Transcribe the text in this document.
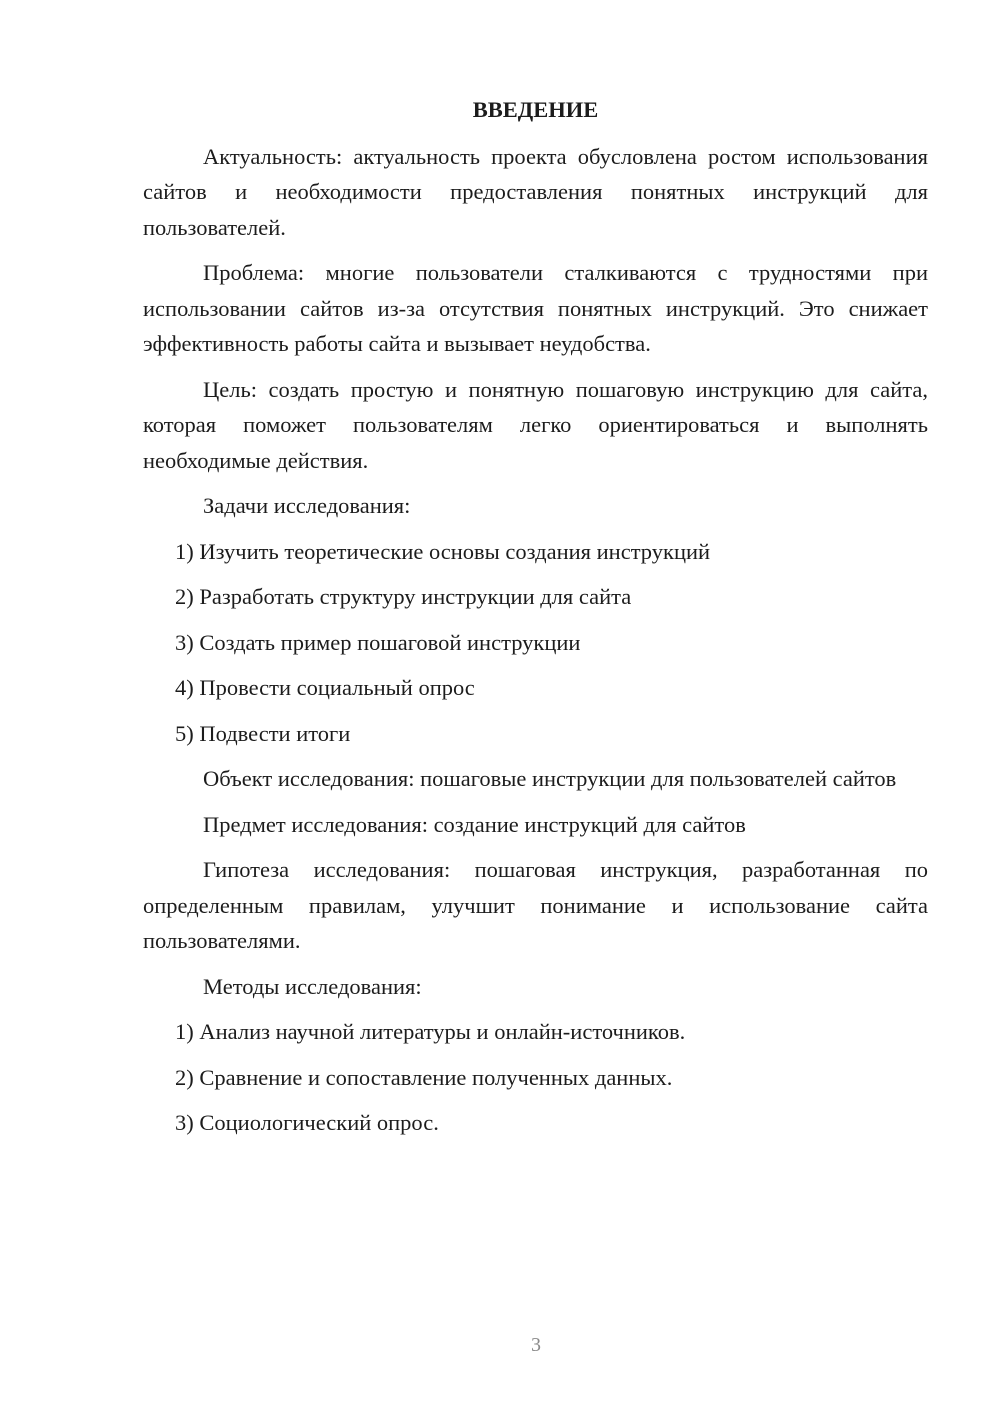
ВВЕДЕНИЕ

Актуальность: актуальность проекта обусловлена ростом использования сайтов и необходимости предоставления понятных инструкций для пользователей.

Проблема: многие пользователи сталкиваются с трудностями при использовании сайтов из-за отсутствия понятных инструкций. Это снижает эффективность работы сайта и вызывает неудобства.

Цель: создать простую и понятную пошаговую инструкцию для сайта, которая поможет пользователям легко ориентироваться и выполнять необходимые действия.

Задачи исследования:

1) Изучить теоретические основы создания инструкций
2) Разработать структуру инструкции для сайта
3) Создать пример пошаговой инструкции
4) Провести социальный опрос
5) Подвести итоги

Объект исследования: пошаговые инструкции для пользователей сайтов

Предмет исследования: создание инструкций для сайтов

Гипотеза исследования: пошаговая инструкция, разработанная по определенным правилам, улучшит понимание и использование сайта пользователями.

Методы исследования:

1) Анализ научной литературы и онлайн-источников.
2) Сравнение и сопоставление полученных данных.
3) Социологический опрос.
3
